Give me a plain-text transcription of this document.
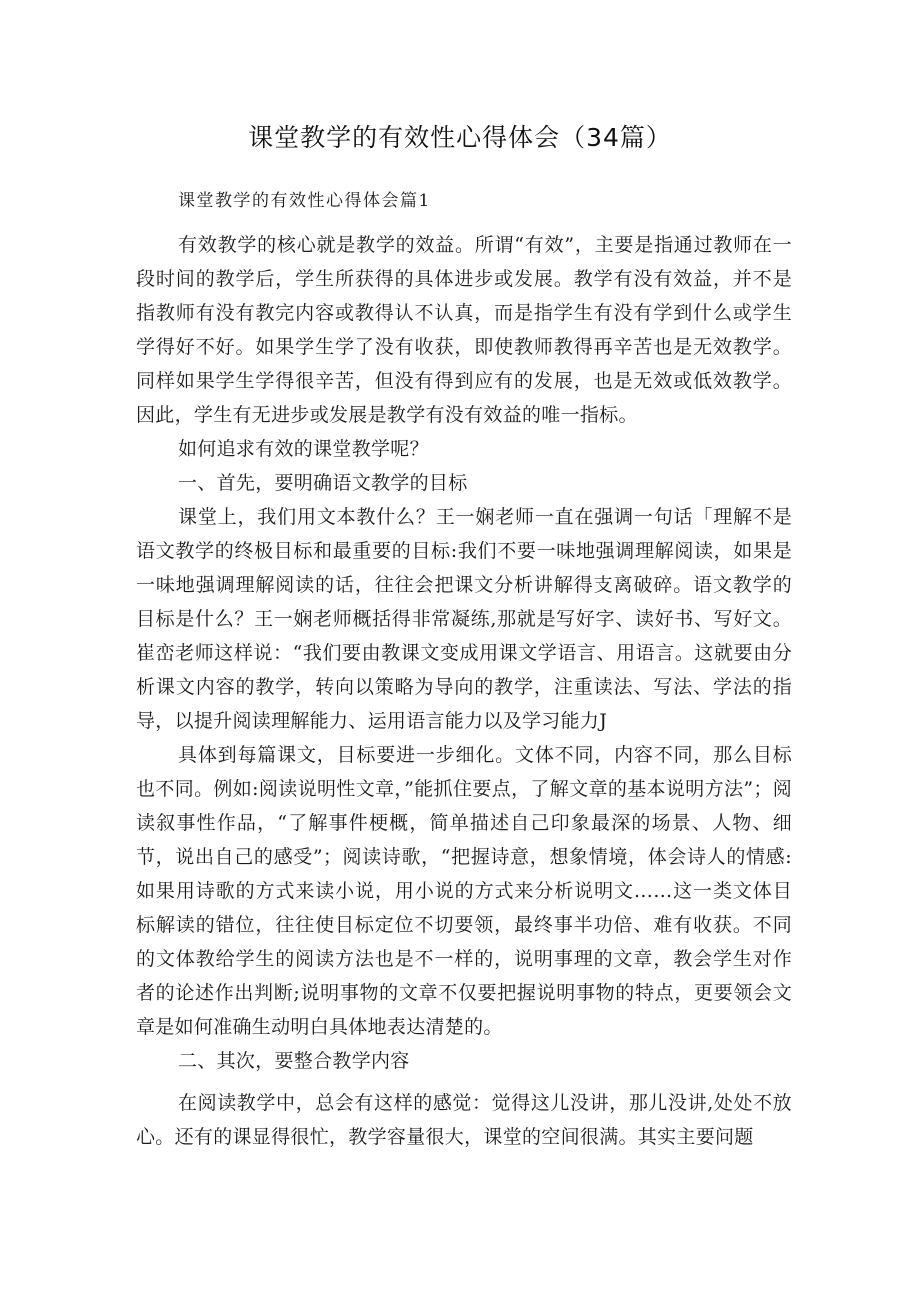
课堂教学的有效性心得体会（34篇）
课堂教学的有效性心得体会篇1

有效教学的核心就是教学的效益。所谓“有效”，主要是指通过教师在一段时间的教学后，学生所获得的具体进步或发展。教学有没有效益，并不是指教师有没有教完内容或教得认不认真，而是指学生有没有学到什么或学生学得好不好。如果学生学了没有收获，即使教师教得再辛苦也是无效教学。同样如果学生学得很辛苦，但没有得到应有的发展，也是无效或低效教学。因此，学生有无进步或发展是教学有没有效益的唯一指标。

如何追求有效的课堂教学呢？

一、首先，要明确语文教学的目标

课堂上，我们用文本教什么？王一娴老师一直在强调一句话「理解不是语文教学的终极目标和最重要的目标:我们不要一味地强调理解阅读，如果是一味地强调理解阅读的话，往往会把课文分析讲解得支离破碎。语文教学的目标是什么？王一娴老师概括得非常凝练,那就是写好字、读好书、写好文。崔峦老师这样说：“我们要由教课文变成用课文学语言、用语言。这就要由分析课文内容的教学，转向以策略为导向的教学，注重读法、写法、学法的指导，以提升阅读理解能力、运用语言能力以及学习能力J

具体到每篇课文，目标要进一步细化。文体不同，内容不同，那么目标也不同。例如:阅读说明性文章，”能抓住要点，了解文章的基本说明方法”；阅读叙事性作品，“了解事件梗概，简单描述自己印象最深的场景、人物、细节，说出自己的感受”；阅读诗歌，“把握诗意，想象情境，体会诗人的情感:如果用诗歌的方式来读小说，用小说的方式来分析说明文……这一类文体目标解读的错位，往往使目标定位不切要领，最终事半功倍、难有收获。不同的文体教给学生的阅读方法也是不一样的，说明事理的文章，教会学生对作者的论述作出判断;说明事物的文章不仅要把握说明事物的特点，更要领会文章是如何准确生动明白具体地表达清楚的。

二、其次，要整合教学内容

在阅读教学中，总会有这样的感觉：觉得这儿没讲，那儿没讲,处处不放心。还有的课显得很忙，教学容量很大，课堂的空间很满。其实主要问题
